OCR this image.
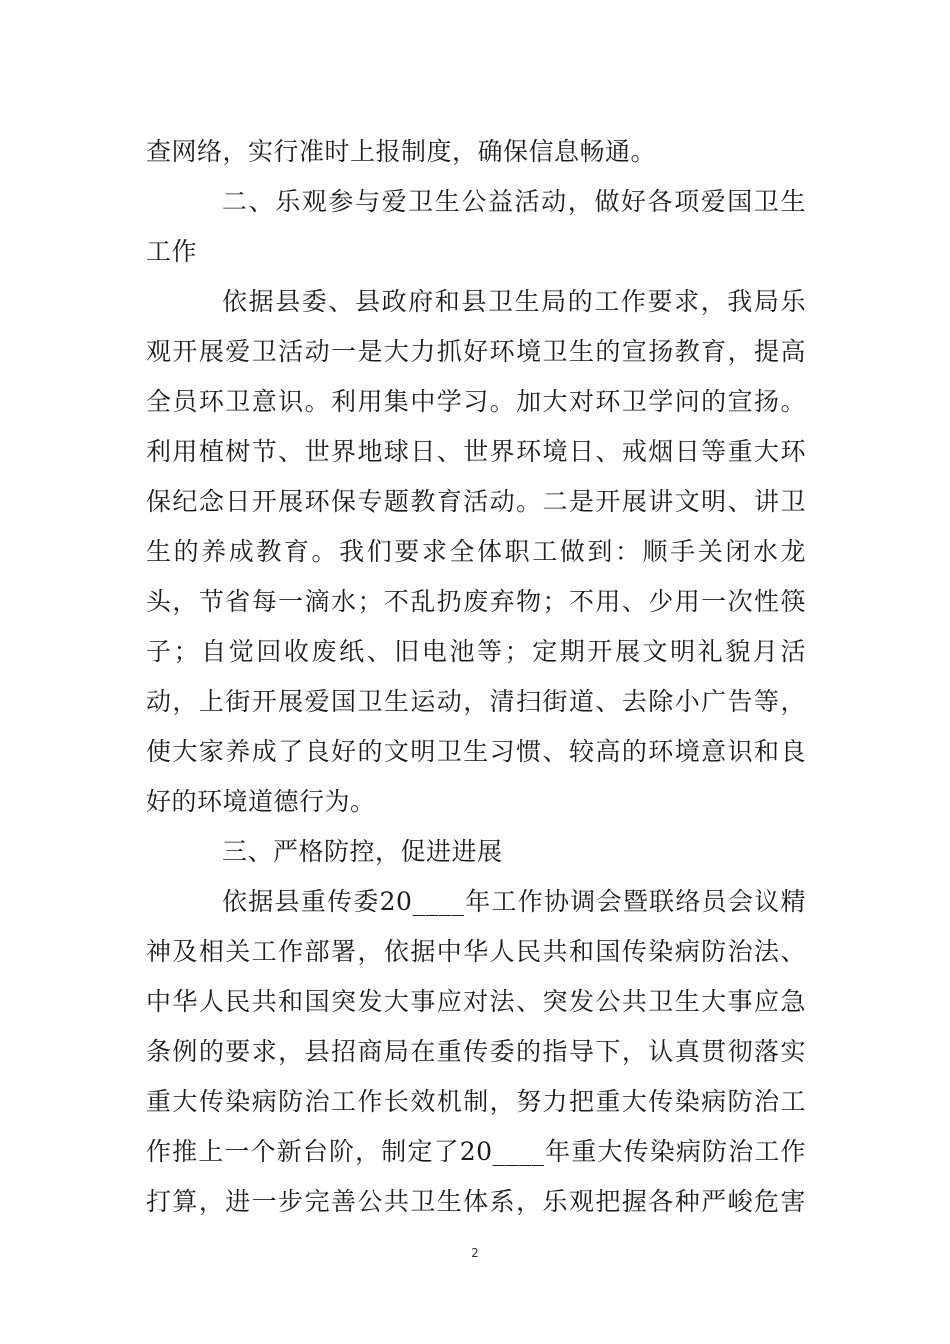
查网络，实行准时上报制度，确保信息畅通。
二、乐观参与爱卫生公益活动，做好各项爱国卫生
工作
依据县委、县政府和县卫生局的工作要求，我局乐
观开展爱卫活动一是大力抓好环境卫生的宣扬教育，提高
全员环卫意识。利用集中学习。加大对环卫学问的宣扬。
利用植树节、世界地球日、世界环境日、戒烟日等重大环
保纪念日开展环保专题教育活动。二是开展讲文明、讲卫
生的养成教育。我们要求全体职工做到：顺手关闭水龙
头，节省每一滴水；不乱扔废弃物；不用、少用一次性筷
子；自觉回收废纸、旧电池等；定期开展文明礼貌月活
动，上街开展爱国卫生运动，清扫街道、去除小广告等，
使大家养成了良好的文明卫生习惯、较高的环境意识和良
好的环境道德行为。
三、严格防控，促进进展
依据县重传委20____年工作协调会暨联络员会议精
神及相关工作部署，依据中华人民共和国传染病防治法、
中华人民共和国突发大事应对法、突发公共卫生大事应急
条例的要求，县招商局在重传委的指导下，认真贯彻落实
重大传染病防治工作长效机制，努力把重大传染病防治工
作推上一个新台阶，制定了20____年重大传染病防治工作
打算，进一步完善公共卫生体系，乐观把握各种严峻危害
2
